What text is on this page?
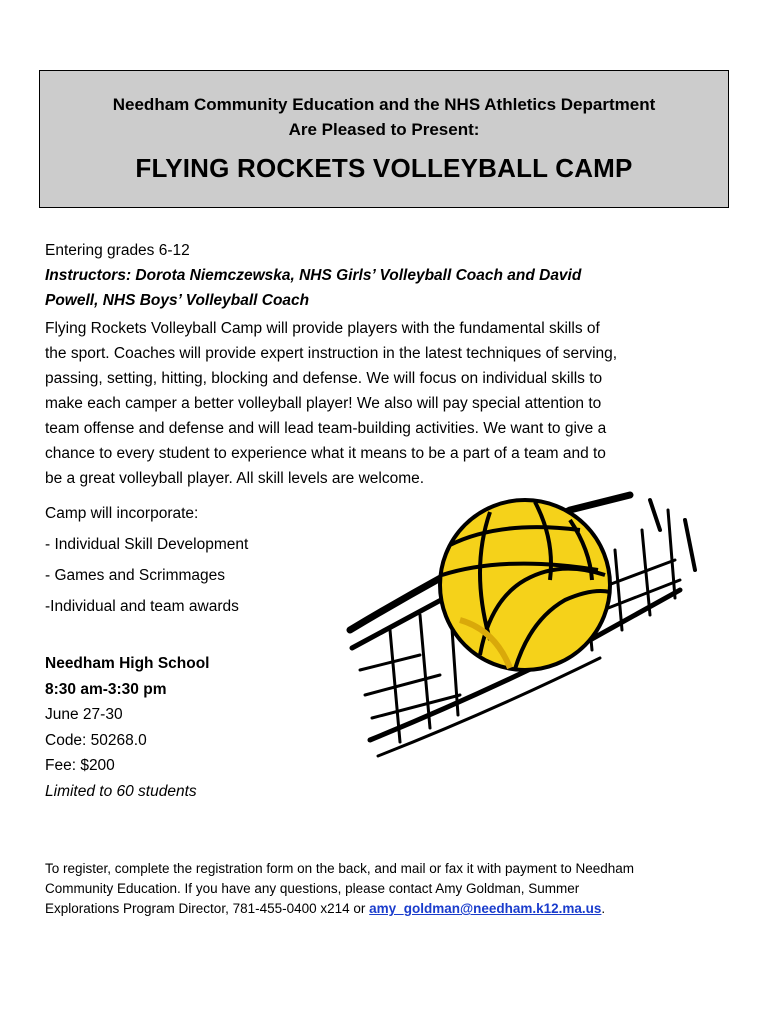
Needham Community Education and the NHS Athletics Department
Are Pleased to Present:
FLYING ROCKETS VOLLEYBALL CAMP
Entering grades 6-12
Instructors: Dorota Niemczewska, NHS Girls’ Volleyball Coach and David
Powell, NHS Boys’ Volleyball Coach
Flying Rockets Volleyball Camp will provide players with the fundamental skills of
the sport. Coaches will provide expert instruction in the latest techniques of serving,
passing, setting, hitting, blocking and defense. We will focus on individual skills to
make each camper a better volleyball player! We also will pay special attention to
team offense and defense and will lead team-building activities. We want to give a
chance to every student to experience what it means to be a part of a team and to
be a great volleyball player. All skill levels are welcome.
Camp will incorporate:
- Individual Skill Development
- Games and Scrimmages
-Individual and team awards
Needham High School
8:30 am-3:30 pm
June 27-30
Code: 50268.0
Fee: $200
Limited to 60 students
To register, complete the registration form on the back, and mail or fax it with payment to Needham
Community Education. If you have any questions, please contact Amy Goldman, Summer
Explorations Program Director, 781-455-0400 x214 or amy_goldman@needham.k12.ma.us.
